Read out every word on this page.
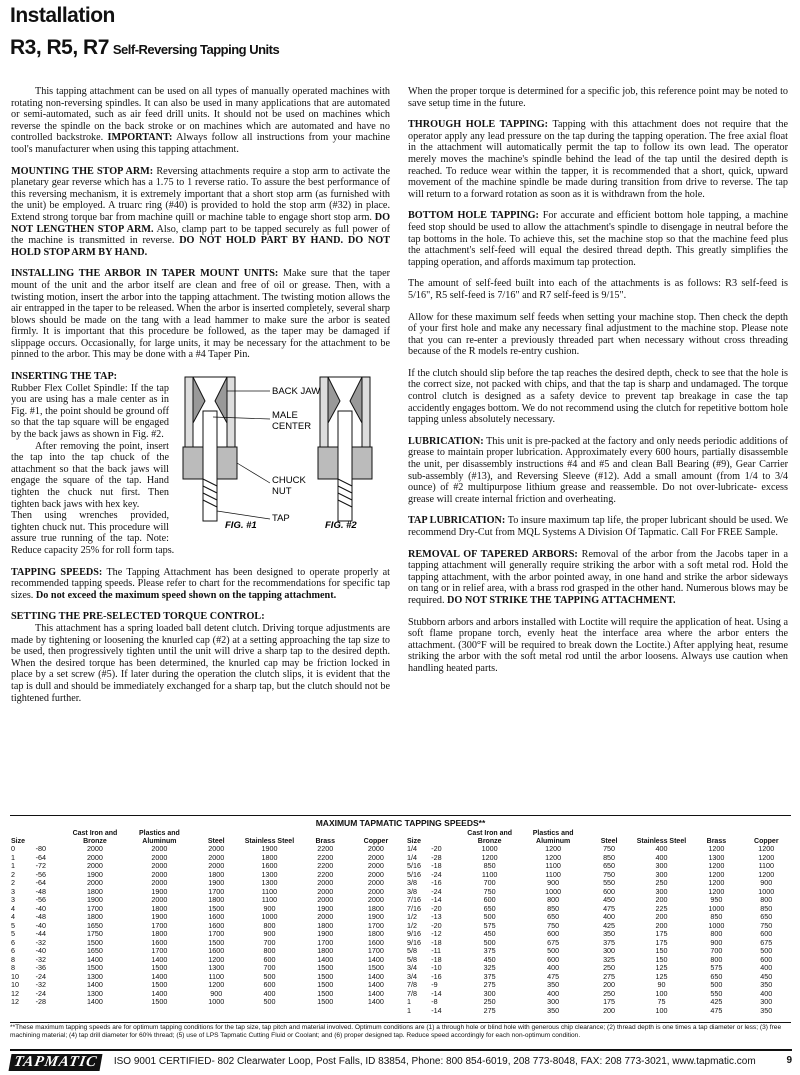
Installation
R3, R5, R7 Self-Reversing Tapping Units

This tapping attachment can be used on all types of manually operated machines with rotating non-reversing spindles. It can also be used in many applications that are automated or semi-automated, such as air feed drill units. It should not be used on machines which reverse the spindle on the back stroke or on machines which are automated and have no controlled backstroke. IMPORTANT: Always follow all instructions from your machine tool's manufacturer when using this tapping attachment.

MOUNTING THE STOP ARM: Reversing attachments require a stop arm to activate the planetary gear reverse which has a 1.75 to 1 reverse ratio. To assure the best performance of this reversing mechanism, it is extremely important that a short stop arm (as furnished with the unit) be employed. A truarc ring (#40) is provided to hold the stop arm (#32) in place. Extend strong torque bar from machine quill or machine table to engage short stop arm. DO NOT LENGTHEN STOP ARM. Also, clamp part to be tapped securely as full power of the machine is transmitted in reverse. DO NOT HOLD PART BY HAND. DO NOT HOLD STOP ARM BY HAND.

INSTALLING THE ARBOR IN TAPER MOUNT UNITS: Make sure that the taper mount of the unit and the arbor itself are clean and free of oil or grease. Then, with a twisting motion, insert the arbor into the tapping attachment. The twisting motion allows the air entrapped in the taper to be released. When the arbor is inserted completely, several sharp blows should be made on the tang with a lead hammer to make sure the arbor is seated firmly. It is important that this procedure be followed, as the taper may be damaged if slippage occurs. Occasionally, for large units, it may be necessary for the attachment to be pinned to the arbor. This may be done with a #4 Taper Pin.

BACK JAW
MALE
CENTER
CHUCK
NUT
TAP
FIG. #1	FIG. #2
INSERTING THE TAP:
Rubber Flex Collet Spindle: If the tap you are using has a male center as in Fig. #1, the point should be ground off so that the tap square will be engaged by the back jaws as shown in Fig. #2.
After removing the point, insert the tap into the tap chuck of the attachment so that the back jaws will engage the square of the tap. Hand tighten the chuck nut first. Then tighten back jaws with hex key.
Then using wrenches provided, tighten chuck nut. This procedure will assure true running of the tap. Note: Reduce capacity 25% for roll form taps.

TAPPING SPEEDS: The Tapping Attachment has been designed to operate properly at recommended tapping speeds. Please refer to chart for the recommendations for specific tap sizes. Do not exceed the maximum speed shown on the tapping attachment.

SETTING THE PRE-SELECTED TORQUE CONTROL:
This attachment has a spring loaded ball detent clutch. Driving torque adjustments are made by tightening or loosening the knurled cap (#2) at a setting approaching the tap size to be used, then progressively tighten until the unit will drive a sharp tap to the desired depth. When the desired torque has been determined, the knurled cap may be friction locked in place by a set screw (#5). If later during the operation the clutch slips, it is evident that the tap is dull and should be immediately exchanged for a sharp tap, but the clutch should not be tightened further.

When the proper torque is determined for a specific job, this reference point may be noted to save setup time in the future.

THROUGH HOLE TAPPING: Tapping with this attachment does not require that the operator apply any lead pressure on the tap during the tapping operation. The free axial float in the attachment will automatically permit the tap to follow its own lead. The operator merely moves the machine's spindle behind the lead of the tap until the desired depth is reached. To reduce wear within the tapper, it is recommended that a short, quick, upward movement of the machine spindle be made during transition from drive to reverse. The tap will return to a forward rotation as soon as it is withdrawn from the hole.

BOTTOM HOLE TAPPING: For accurate and efficient bottom hole tapping, a machine feed stop should be used to allow the attachment's spindle to disengage in neutral before the tap bottoms in the hole. To achieve this, set the machine stop so that the machine feed plus the attachment's self-feed will equal the desired thread depth. This greatly simplifies the tapping operation, and affords maximum tap protection.

The amount of self-feed built into each of the attachments is as follows: R3 self-feed is 5/16", R5 self-feed is 7/16" and R7 self-feed is 9/15".

Allow for these maximum self feeds when setting your machine stop. Then check the depth of your first hole and make any necessary final adjustment to the machine stop. Please note that you can re-enter a previously threaded part when necessary without cross threading because of the R models re-entry cushion.

If the clutch should slip before the tap reaches the desired depth, check to see that the hole is the correct size, not packed with chips, and that the tap is sharp and undamaged. The torque control clutch is designed as a safety device to prevent tap breakage in case the tap accidently engages bottom. We do not recommend using the clutch for repetitive bottom hole tapping unless absolutely necessary.

LUBRICATION: This unit is pre-packed at the factory and only needs periodic additions of grease to maintain proper lubrication. Approximately every 600 hours, partially disassemble the unit, per disassembly instructions #4 and #5 and clean Ball Bearing (#9), Gear Carrier sub-assembly (#13), and Reversing Sleeve (#12). Add a small amount (from 1/4 to 3/4 ounce) of #2 multipurpose lithium grease and reassemble. Do not over-lubricate- excess grease will create internal friction and overheating.

TAP LUBRICATION: To insure maximum tap life, the proper lubricant should be used. We recommend Dry-Cut from MQL Systems A Division Of Tapmatic. Call For FREE Sample.

REMOVAL OF TAPERED ARBORS: Removal of the arbor from the Jacobs taper in a tapping attachment will generally require striking the arbor with a soft metal rod. Hold the tapping attachment, with the arbor pointed away, in one hand and strike the arbor sideways on tang or in relief area, with a brass rod grasped in the other hand. Numerous blows may be required. DO NOT STRIKE THE TAPPING ATTACHMENT.

Stubborn arbors and arbors installed with Loctite will require the application of heat. Using a soft flame propane torch, evenly heat the interface area where the arbor enters the attachment. (300°F will be required to break down the Loctite.) After applying heat, resume striking the arbor with the soft metal rod until the arbor loosens. Always use caution when handling heated parts.

MAXIMUM TAPMATIC TAPPING SPEEDS**
Size		Cast Iron and Bronze	Plastics and Aluminum	Steel	Stainless Steel	Brass	Copper
0	-80	2000	2000	2000	1900	2200	2000
1	-64	2000	2000	2000	1800	2200	2000
1	-72	2000	2000	2000	1600	2200	2000
2	-56	1900	2000	1800	1300	2200	2000
2	-64	2000	2000	1900	1300	2000	2000
3	-48	1800	1900	1700	1100	2000	2000
3	-56	1900	2000	1800	1100	2000	2000
4	-40	1700	1800	1500	900	1900	1800
4	-48	1800	1900	1600	1000	2000	1900
5	-40	1650	1700	1600	800	1800	1700
5	-44	1750	1800	1700	900	1900	1800
6	-32	1500	1600	1500	700	1700	1600
6	-40	1650	1700	1600	800	1800	1700
8	-32	1400	1400	1200	600	1400	1400
8	-36	1500	1500	1300	700	1500	1500
10	-24	1300	1400	1100	500	1500	1400
10	-32	1400	1500	1200	600	1500	1400
12	-24	1300	1400	900	400	1500	1400
12	-28	1400	1500	1000	500	1500	1400
Size		Cast Iron and Bronze	Plastics and Aluminum	Steel	Stainless Steel	Brass	Copper
1/4	-20	1000	1200	750	400	1200	1200
1/4	-28	1200	1200	850	400	1300	1200
5/16	-18	850	1100	650	300	1200	1100
5/16	-24	1100	1100	750	300	1200	1200
3/8	-16	700	900	550	250	1200	900
3/8	-24	750	1000	600	300	1200	1000
7/16	-14	600	800	450	200	950	800
7/16	-20	650	850	475	225	1000	850
1/2	-13	500	650	400	200	850	650
1/2	-20	575	750	425	200	1000	750
9/16	-12	450	600	350	175	800	600
9/16	-18	500	675	375	175	900	675
5/8	-11	375	500	300	150	700	500
5/8	-18	450	600	325	150	800	600
3/4	-10	325	400	250	125	575	400
3/4	-16	375	475	275	125	650	450
7/8	-9	275	350	200	90	500	350
7/8	-14	300	400	250	100	550	400
1	-8	250	300	175	75	425	300
1	-14	275	350	200	100	475	350
**These maximum tapping speeds are for optimum tapping conditions for the tap size, tap pitch and material involved. Optimum conditions are (1) a through hole or blind hole with generous chip clearance; (2) thread depth is one times a tap diameter or less; (3) free machining material; (4) tap drill diameter for 60% thread; (5) use of LPS Tapmatic Cutting Fluid or Coolant; and (6) proper designed tap. Reduce speed accordingly for each non-optimum condition.
TAPMATIC ISO 9001 CERTIFIED- 802 Clearwater Loop, Post Falls, ID 83854, Phone: 800 854-6019, 208 773-8048, FAX: 208 773-3021, www.tapmatic.com	9
